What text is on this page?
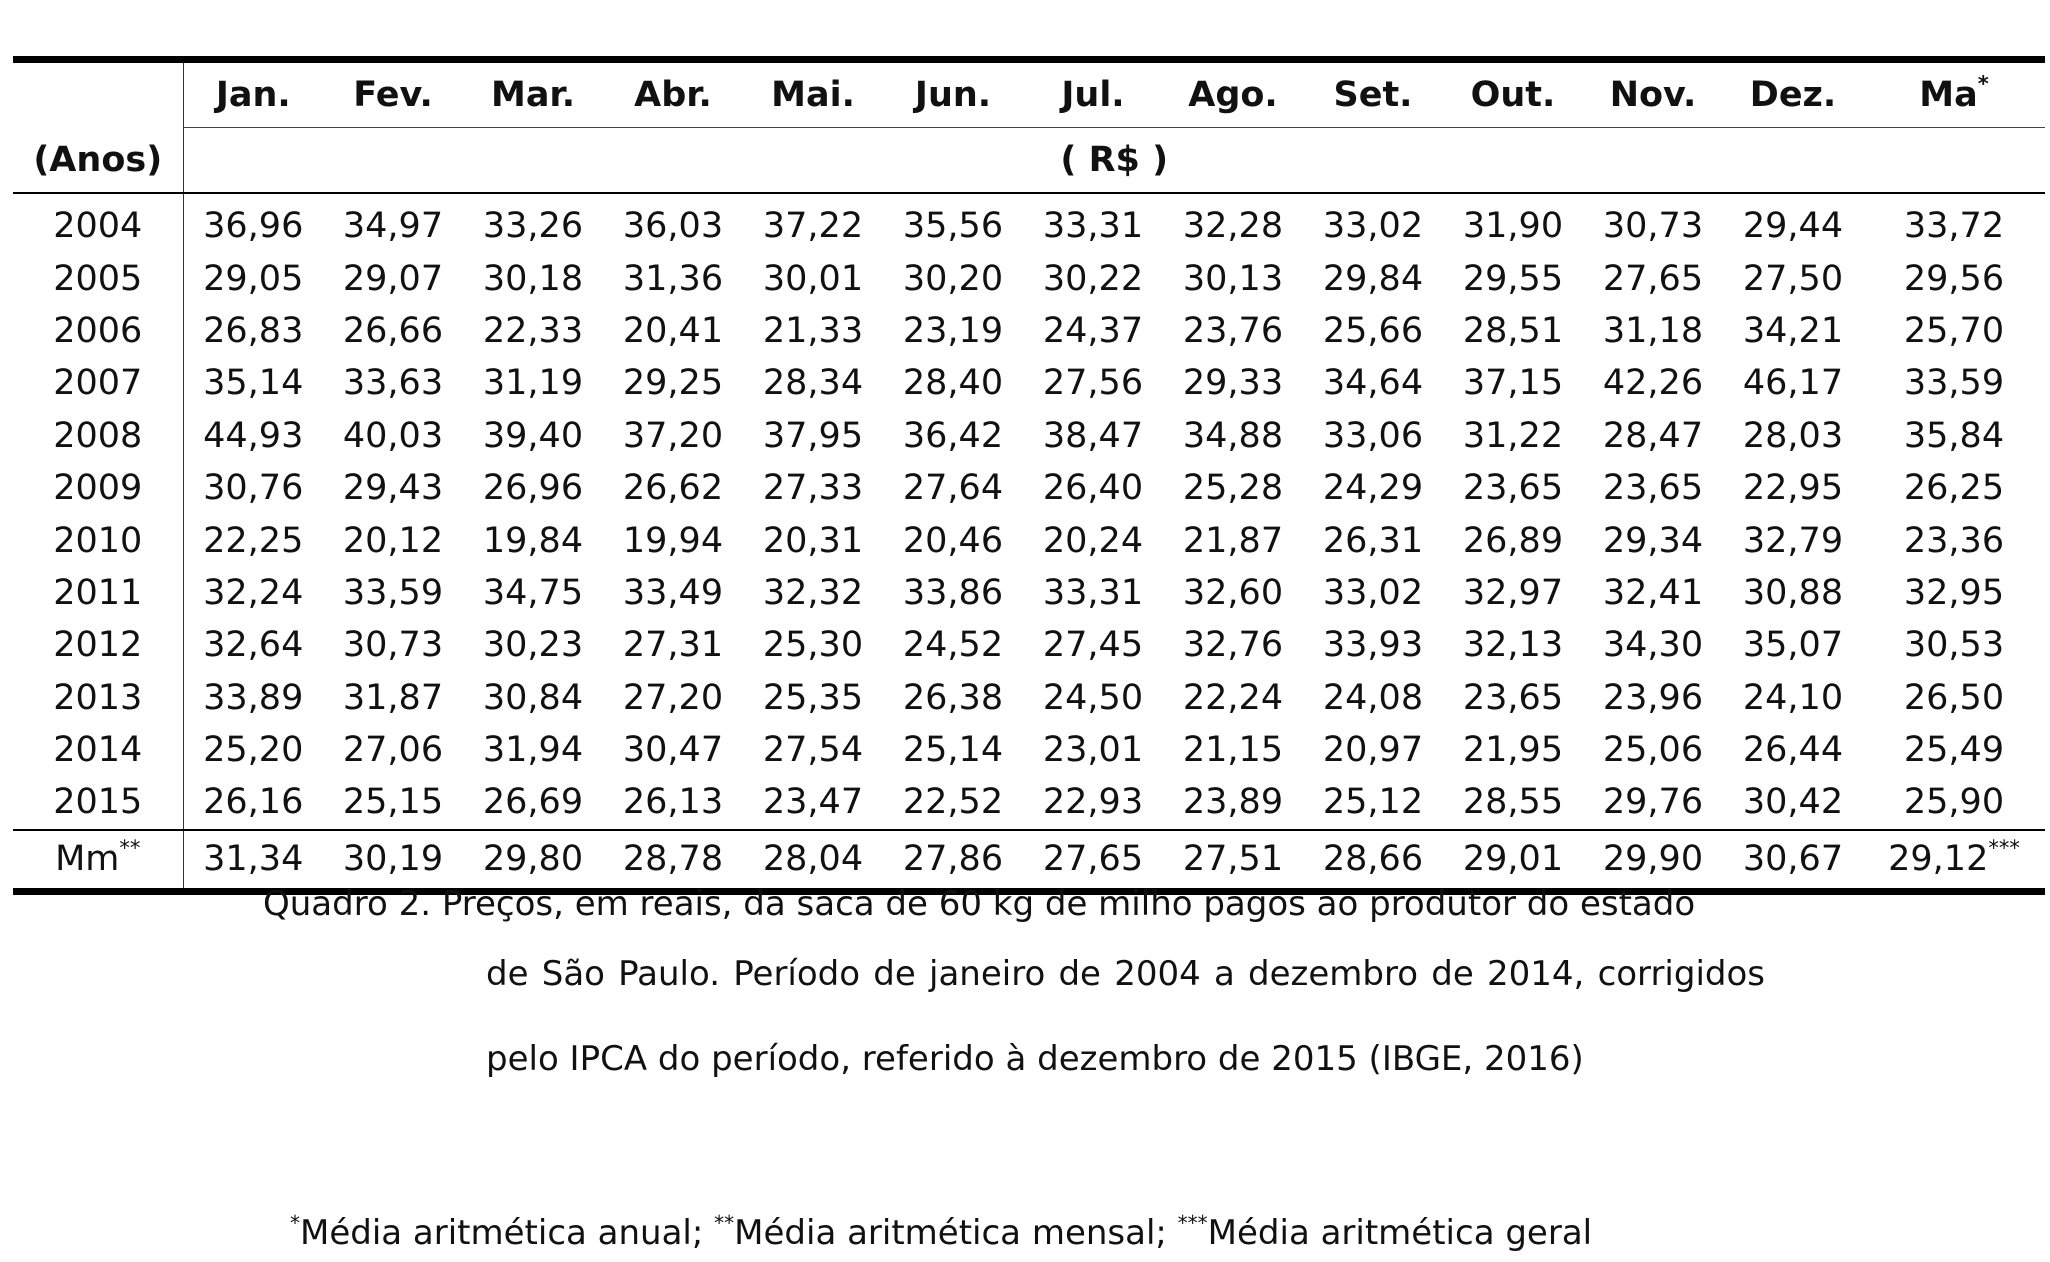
	Jan.	Fev.	Mar.	Abr.	Mai.	Jun.	Jul.	Ago.	Set.	Out.	Nov.	Dez.	Ma*
(Anos)	( R$ )												
2004	36,96	34,97	33,26	36,03	37,22	35,56	33,31	32,28	33,02	31,90	30,73	29,44	33,72
2005	29,05	29,07	30,18	31,36	30,01	30,20	30,22	30,13	29,84	29,55	27,65	27,50	29,56
2006	26,83	26,66	22,33	20,41	21,33	23,19	24,37	23,76	25,66	28,51	31,18	34,21	25,70
2007	35,14	33,63	31,19	29,25	28,34	28,40	27,56	29,33	34,64	37,15	42,26	46,17	33,59
2008	44,93	40,03	39,40	37,20	37,95	36,42	38,47	34,88	33,06	31,22	28,47	28,03	35,84
2009	30,76	29,43	26,96	26,62	27,33	27,64	26,40	25,28	24,29	23,65	23,65	22,95	26,25
2010	22,25	20,12	19,84	19,94	20,31	20,46	20,24	21,87	26,31	26,89	29,34	32,79	23,36
2011	32,24	33,59	34,75	33,49	32,32	33,86	33,31	32,60	33,02	32,97	32,41	30,88	32,95
2012	32,64	30,73	30,23	27,31	25,30	24,52	27,45	32,76	33,93	32,13	34,30	35,07	30,53
2013	33,89	31,87	30,84	27,20	25,35	26,38	24,50	22,24	24,08	23,65	23,96	24,10	26,50
2014	25,20	27,06	31,94	30,47	27,54	25,14	23,01	21,15	20,97	21,95	25,06	26,44	25,49
2015	26,16	25,15	26,69	26,13	23,47	22,52	22,93	23,89	25,12	28,55	29,76	30,42	25,90
Mm**	31,34	30,19	29,80	28,78	28,04	27,86	27,65	27,51	28,66	29,01	29,90	30,67	29,12***
Quadro 2. Preços, em reais, da saca de 60 kg de milho pagos ao produtor do estado
de São Paulo. Período de janeiro de 2004 a dezembro de 2014, corrigidos pelo IPCA do período, referido à dezembro de 2015 (IBGE, 2016)
*Média aritmética anual; **Média aritmética mensal; ***Média aritmética geral
